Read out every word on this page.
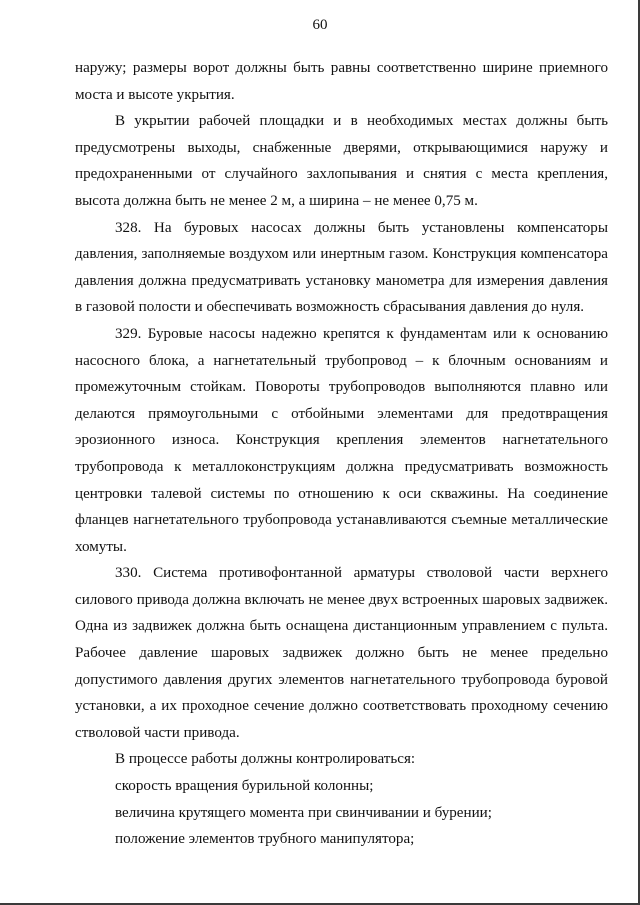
60

наружу; размеры ворот должны быть равны соответственно ширине приемного моста и высоте укрытия.

В укрытии рабочей площадки и в необходимых местах должны быть предусмотрены выходы, снабженные дверями, открывающимися наружу и предохраненными от случайного захлопывания и снятия с места крепления, высота должна быть не менее 2 м, а ширина – не менее 0,75 м.

328. На буровых насосах должны быть установлены компенсаторы давления, заполняемые воздухом или инертным газом. Конструкция компенсатора давления должна предусматривать установку манометра для измерения давления в газовой полости и обеспечивать возможность сбрасывания давления до нуля.

329. Буровые насосы надежно крепятся к фундаментам или к основанию насосного блока, а нагнетательный трубопровод – к блочным основаниям и промежуточным стойкам. Повороты трубопроводов выполняются плавно или делаются прямоугольными с отбойными элементами для предотвращения эрозионного износа. Конструкция крепления элементов нагнетательного трубопровода к металлоконструкциям должна предусматривать возможность центровки талевой системы по отношению к оси скважины. На соединение фланцев нагнетательного трубопровода устанавливаются съемные металлические хомуты.

330. Система противофонтанной арматуры стволовой части верхнего силового привода должна включать не менее двух встроенных шаровых задвижек. Одна из задвижек должна быть оснащена дистанционным управлением с пульта. Рабочее давление шаровых задвижек должно быть не менее предельно допустимого давления других элементов нагнетательного трубопровода буровой установки, а их проходное сечение должно соответствовать проходному сечению стволовой части привода.

В процессе работы должны контролироваться:

скорость вращения бурильной колонны;

величина крутящего момента при свинчивании и бурении;

положение элементов трубного манипулятора;
